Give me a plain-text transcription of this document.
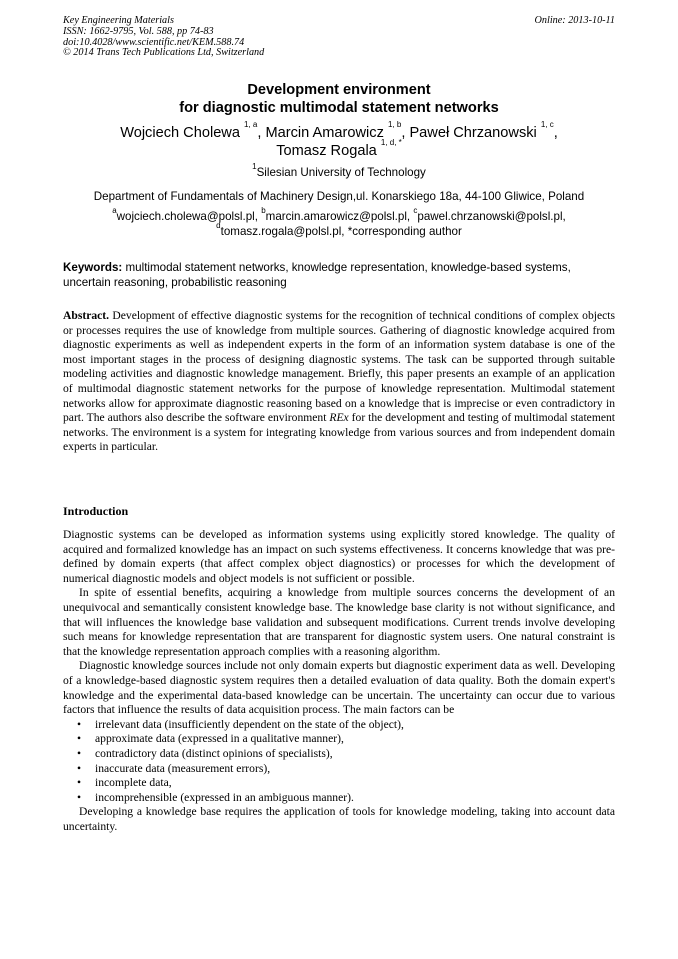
Key Engineering Materials
ISSN: 1662-9795, Vol. 588, pp 74-83
doi:10.4028/www.scientific.net/KEM.588.74
© 2014 Trans Tech Publications Ltd, Switzerland
Online: 2013-10-11
Development environment
for diagnostic multimodal statement networks
Wojciech Cholewa $^{1, a}$, Marcin Amarowicz $^{1, b}$, Paweł Chrzanowski $^{1, c}$,
Tomasz Rogala $^{1, d, *}$
$^1$Silesian University of Technology
Department of Fundamentals of Machinery Design,ul. Konarskiego 18a, 44-100 Gliwice, Poland
$^a$wojciech.cholewa@polsl.pl, $^b$marcin.amarowicz@polsl.pl, $^c$pawel.chrzanowski@polsl.pl,
$^d$tomasz.rogala@polsl.pl, *corresponding author
Keywords: multimodal statement networks, knowledge representation, knowledge-based systems, uncertain reasoning, probabilistic reasoning
Abstract. Development of effective diagnostic systems for the recognition of technical conditions of complex objects or processes requires the use of knowledge from multiple sources. Gathering of diagnostic knowledge acquired from diagnostic experiments as well as independent experts in the form of an information system database is one of the most important stages in the process of designing diagnostic systems. The task can be supported through suitable modeling activities and diagnostic knowledge management. Briefly, this paper presents an example of an application of multimodal diagnostic statement networks for the purpose of knowledge representation. Multimodal statement networks allow for approximate diagnostic reasoning based on a knowledge that is imprecise or even contradictory in part. The authors also describe the software environment REx for the development and testing of multimodal statement networks. The environment is a system for integrating knowledge from various sources and from independent domain experts in particular.
Introduction

Diagnostic systems can be developed as information systems using explicitly stored knowledge. The quality of acquired and formalized knowledge has an impact on such systems effectiveness. It concerns knowledge that was pre-defined by domain experts (that affect complex object diagnostics) or processes for which the development of numerical diagnostic models and object models is not sufficient or possible.

In spite of essential benefits, acquiring a knowledge from multiple sources concerns the development of an unequivocal and semantically consistent knowledge base. The knowledge base clarity is not without significance, and that will influences the knowledge base validation and subsequent modifications. Current trends involve developing such means for knowledge representation that are transparent for diagnostic system users. One natural constraint is that the knowledge representation approach complies with a reasoning algorithm.

Diagnostic knowledge sources include not only domain experts but diagnostic experiment data as well. Developing of a knowledge-based diagnostic system requires then a detailed evaluation of data quality. Both the domain expert's knowledge and the experimental data-based knowledge can be uncertain. The uncertainty can occur due to various factors that influence the results of data acquisition process. The main factors can be

• irrelevant data (insufficiently dependent on the state of the object),
• approximate data (expressed in a qualitative manner),
• contradictory data (distinct opinions of specialists),
• inaccurate data (measurement errors),
• incomplete data,
• incomprehensible (expressed in an ambiguous manner).

Developing a knowledge base requires the application of tools for knowledge modeling, taking into account data uncertainty.
